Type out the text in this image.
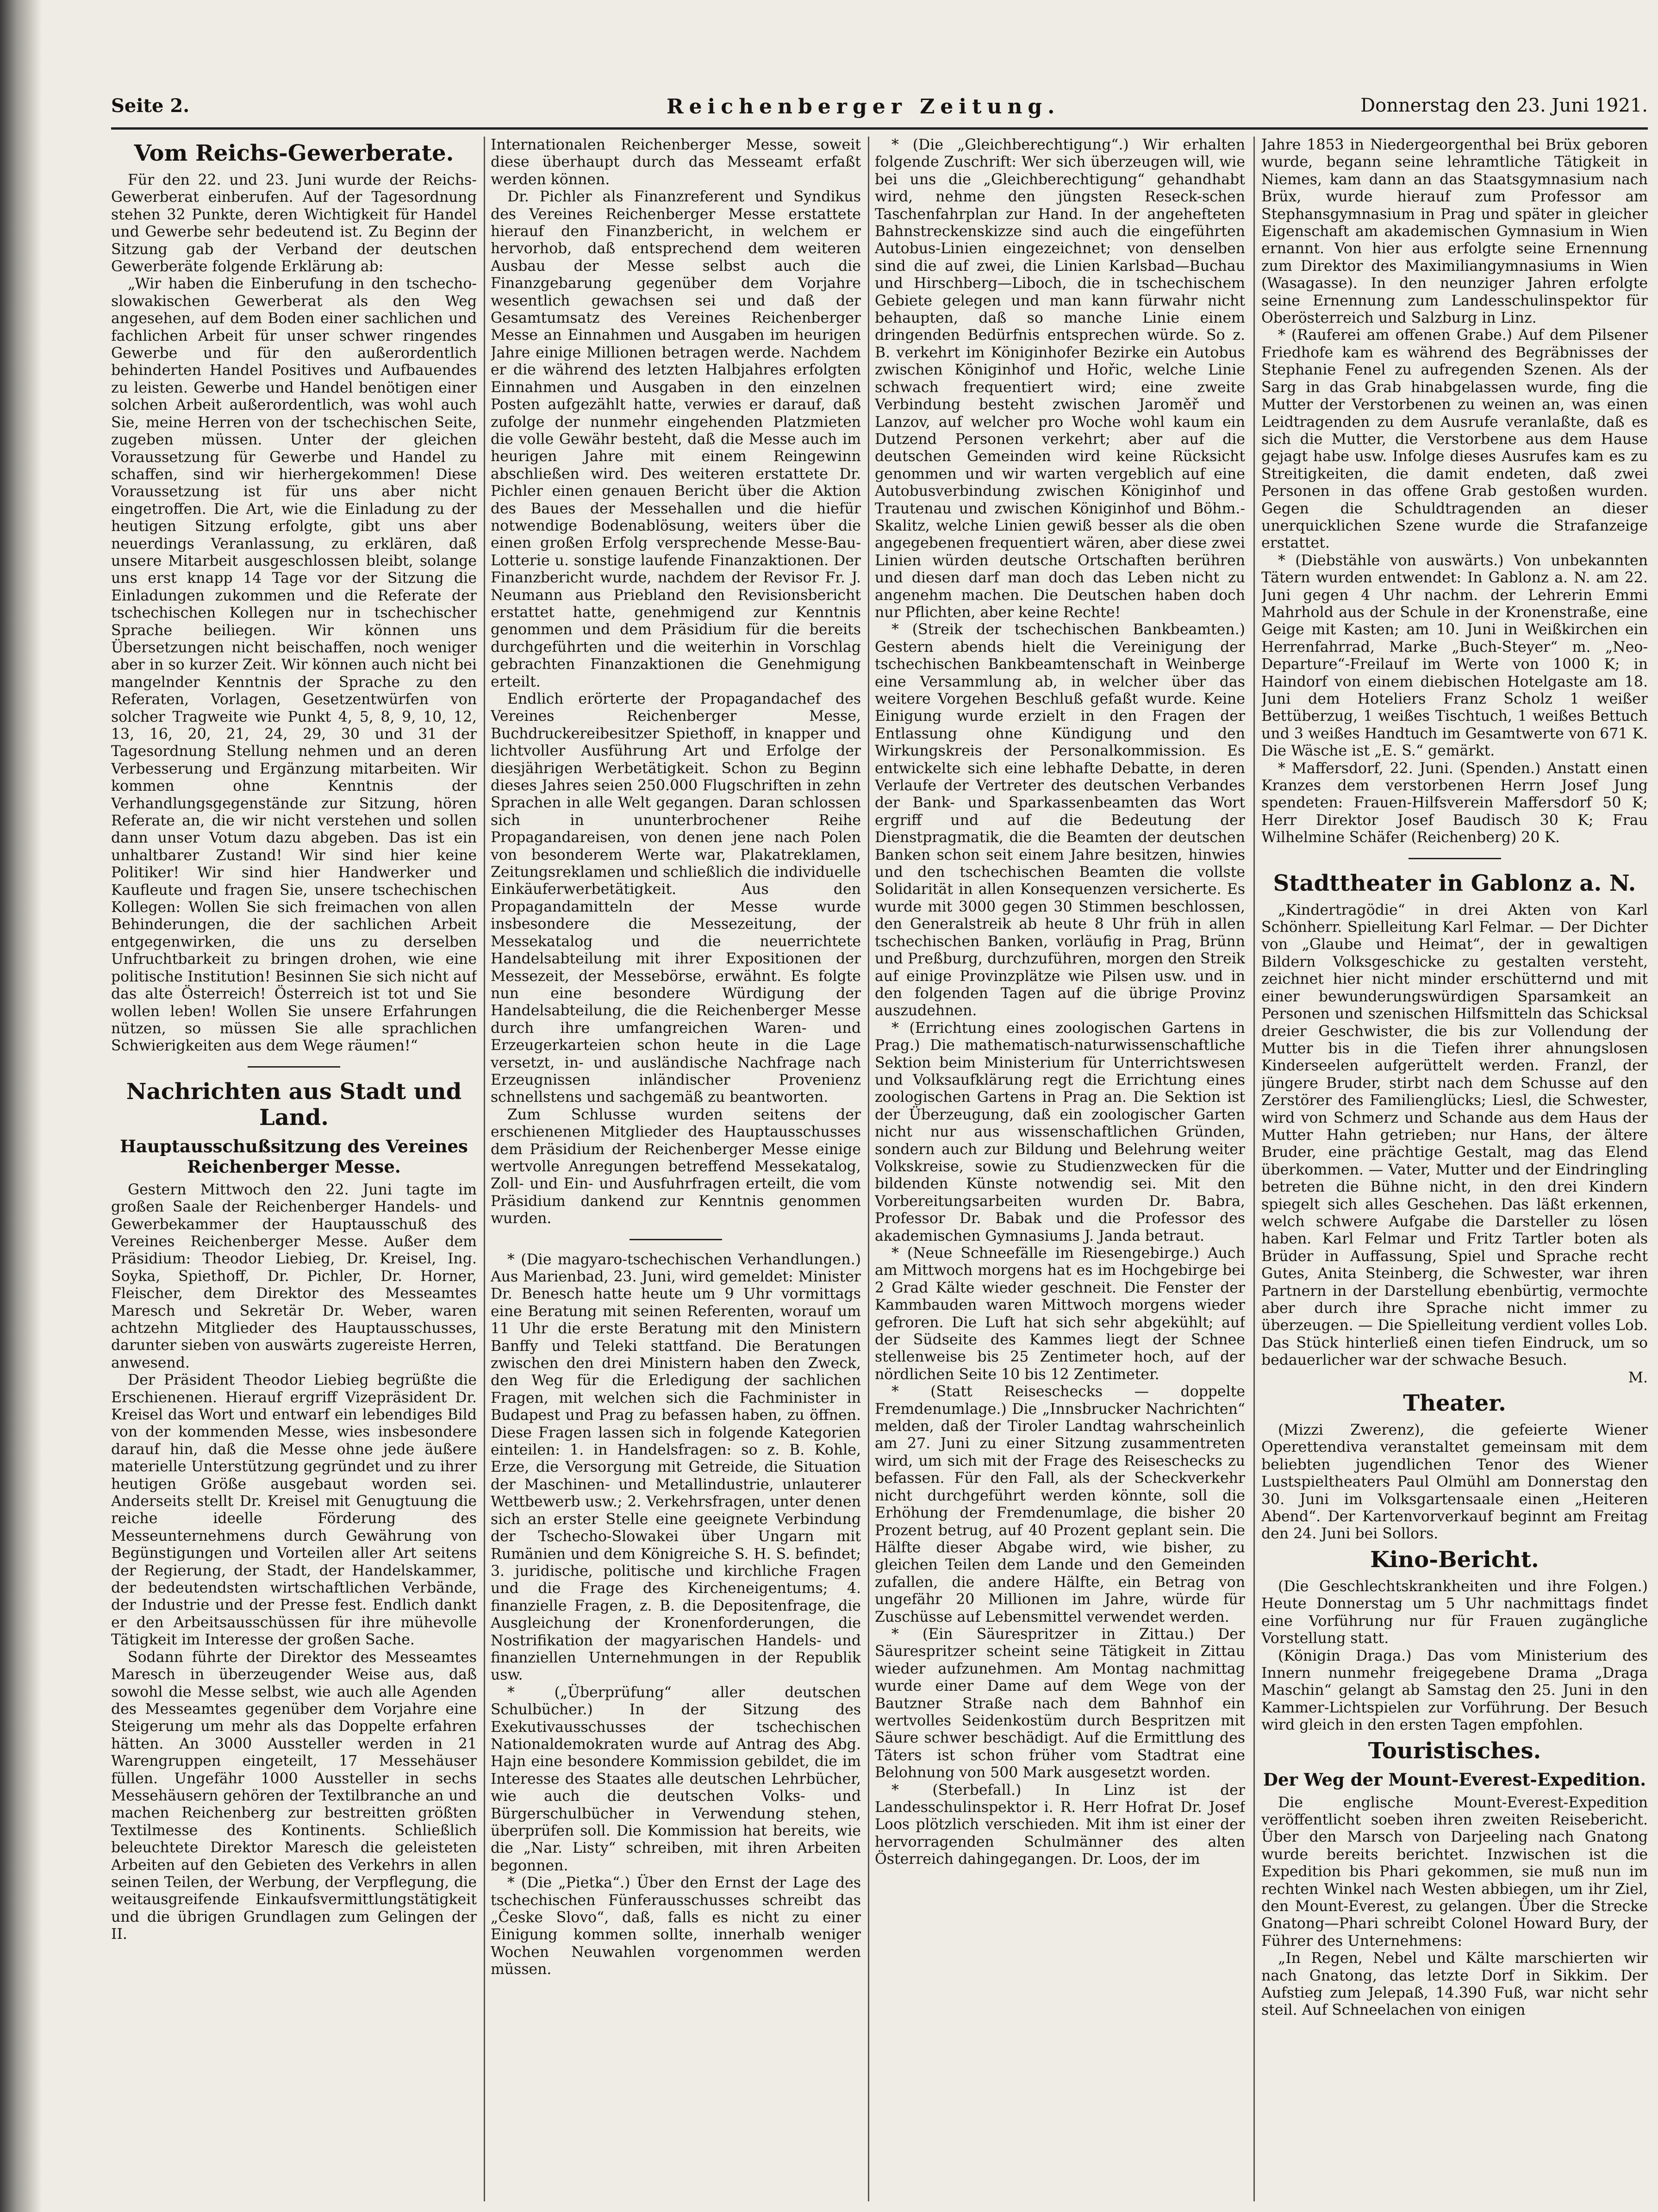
Seite 2.	Reichenberger Zeitung.	Donnerstag den 23. Juni 1921.
Vom Reichs-Gewerberate.

Für den 22. und 23. Juni wurde der Reichs-Gewerberat einberufen. Auf der Tagesordnung stehen 32 Punkte, deren Wichtigkeit für Handel und Gewerbe sehr bedeutend ist. Zu Beginn der Sitzung gab der Verband der deutschen Gewerberäte folgende Erklärung ab:

„Wir haben die Einberufung in den tschecho-slowakischen Gewerberat als den Weg angesehen, auf dem Boden einer sachlichen und fachlichen Arbeit für unser schwer ringendes Gewerbe und für den außerordentlich behinderten Handel Positives und Aufbauendes zu leisten. Gewerbe und Handel benötigen einer solchen Arbeit außerordentlich, was wohl auch Sie, meine Herren von der tschechischen Seite, zugeben müssen. Unter der gleichen Voraussetzung für Gewerbe und Handel zu schaffen, sind wir hierhergekommen! Diese Voraussetzung ist für uns aber nicht eingetroffen. Die Art, wie die Einladung zu der heutigen Sitzung erfolgte, gibt uns aber neuerdings Veranlassung, zu erklären, daß unsere Mitarbeit ausgeschlossen bleibt, solange uns erst knapp 14 Tage vor der Sitzung die Einladungen zukommen und die Referate der tschechischen Kollegen nur in tschechischer Sprache beiliegen. Wir können uns Übersetzungen nicht beischaffen, noch weniger aber in so kurzer Zeit. Wir können auch nicht bei mangelnder Kenntnis der Sprache zu den Referaten, Vorlagen, Gesetzentwürfen von solcher Tragweite wie Punkt 4, 5, 8, 9, 10, 12, 13, 16, 20, 21, 24, 29, 30 und 31 der Tagesordnung Stellung nehmen und an deren Verbesserung und Ergänzung mitarbeiten. Wir kommen ohne Kenntnis der Verhandlungsgegenstände zur Sitzung, hören Referate an, die wir nicht verstehen und sollen dann unser Votum dazu abgeben. Das ist ein unhaltbarer Zustand! Wir sind hier keine Politiker! Wir sind hier Handwerker und Kaufleute und fragen Sie, unsere tschechischen Kollegen: Wollen Sie sich freimachen von allen Behinderungen, die der sachlichen Arbeit entgegenwirken, die uns zu derselben Unfruchtbarkeit zu bringen drohen, wie eine politische Institution! Besinnen Sie sich nicht auf das alte Österreich! Österreich ist tot und Sie wollen leben! Wollen Sie unsere Erfahrungen nützen, so müssen Sie alle sprachlichen Schwierigkeiten aus dem Wege räumen!“

Nachrichten aus Stadt und Land.
Hauptausschußsitzung des Vereines Reichenberger Messe.

Gestern Mittwoch den 22. Juni tagte im großen Saale der Reichenberger Handels- und Gewerbekammer der Hauptausschuß des Vereines Reichenberger Messe. Außer dem Präsidium: Theodor Liebieg, Dr. Kreisel, Ing. Soyka, Spiethoff, Dr. Pichler, Dr. Horner, Fleischer, dem Direktor des Messeamtes Maresch und Sekretär Dr. Weber, waren achtzehn Mitglieder des Hauptausschusses, darunter sieben von auswärts zugereiste Herren, anwesend.

Der Präsident Theodor Liebieg begrüßte die Erschienenen. Hierauf ergriff Vizepräsident Dr. Kreisel das Wort und entwarf ein lebendiges Bild von der kommenden Messe, wies insbesondere darauf hin, daß die Messe ohne jede äußere materielle Unterstützung gegründet und zu ihrer heutigen Größe ausgebaut worden sei. Anderseits stellt Dr. Kreisel mit Genugtuung die reiche ideelle Förderung des Messeunternehmens durch Gewährung von Begünstigungen und Vorteilen aller Art seitens der Regierung, der Stadt, der Handelskammer, der bedeutendsten wirtschaftlichen Verbände, der Industrie und der Presse fest. Endlich dankt er den Arbeitsausschüssen für ihre mühevolle Tätigkeit im Interesse der großen Sache.

Sodann führte der Direktor des Messeamtes Maresch in überzeugender Weise aus, daß sowohl die Messe selbst, wie auch alle Agenden des Messeamtes gegenüber dem Vorjahre eine Steigerung um mehr als das Doppelte erfahren hätten. An 3000 Aussteller werden in 21 Warengruppen eingeteilt, 17 Messehäuser füllen. Ungefähr 1000 Aussteller in sechs Messehäusern gehören der Textilbranche an und machen Reichenberg zur bestreitten größten Textilmesse des Kontinents. Schließlich beleuchtete Direktor Maresch die geleisteten Arbeiten auf den Gebieten des Verkehrs in allen seinen Teilen, der Werbung, der Verpflegung, die weitausgreifende Einkaufsvermittlungstätigkeit und die übrigen Grundlagen zum Gelingen der II.

Internationalen Reichenberger Messe, soweit diese überhaupt durch das Messeamt erfaßt werden können.

Dr. Pichler als Finanzreferent und Syndikus des Vereines Reichenberger Messe erstattete hierauf den Finanzbericht, in welchem er hervorhob, daß entsprechend dem weiteren Ausbau der Messe selbst auch die Finanzgebarung gegenüber dem Vorjahre wesentlich gewachsen sei und daß der Gesamtumsatz des Vereines Reichenberger Messe an Einnahmen und Ausgaben im heurigen Jahre einige Millionen betragen werde. Nachdem er die während des letzten Halbjahres erfolgten Einnahmen und Ausgaben in den einzelnen Posten aufgezählt hatte, verwies er darauf, daß zufolge der nunmehr eingehenden Platzmieten die volle Gewähr besteht, daß die Messe auch im heurigen Jahre mit einem Reingewinn abschließen wird. Des weiteren erstattete Dr. Pichler einen genauen Bericht über die Aktion des Baues der Messehallen und die hiefür notwendige Bodenablösung, weiters über die einen großen Erfolg versprechende Messe-Bau-Lotterie u. sonstige laufende Finanzaktionen. Der Finanzbericht wurde, nachdem der Revisor Fr. J. Neumann aus Priebland den Revisionsbericht erstattet hatte, genehmigend zur Kenntnis genommen und dem Präsidium für die bereits durchgeführten und die weiterhin in Vorschlag gebrachten Finanzaktionen die Genehmigung erteilt.

Endlich erörterte der Propagandachef des Vereines Reichenberger Messe, Buchdruckereibesitzer Spiethoff, in knapper und lichtvoller Ausführung Art und Erfolge der diesjährigen Werbetätigkeit. Schon zu Beginn dieses Jahres seien 250.000 Flugschriften in zehn Sprachen in alle Welt gegangen. Daran schlossen sich in ununterbrochener Reihe Propagandareisen, von denen jene nach Polen von besonderem Werte war, Plakatreklamen, Zeitungsreklamen und schließlich die individuelle Einkäuferwerbetätigkeit. Aus den Propagandamitteln der Messe wurde insbesondere die Messezeitung, der Messekatalog und die neuerrichtete Handelsabteilung mit ihrer Expositionen der Messezeit, der Messebörse, erwähnt. Es folgte nun eine besondere Würdigung der Handelsabteilung, die die Reichenberger Messe durch ihre umfangreichen Waren- und Erzeugerkarteien schon heute in die Lage versetzt, in- und ausländische Nachfrage nach Erzeugnissen inländischer Provenienz schnellstens und sachgemäß zu beantworten.

Zum Schlusse wurden seitens der erschienenen Mitglieder des Hauptausschusses dem Präsidium der Reichenberger Messe einige wertvolle Anregungen betreffend Messekatalog, Zoll- und Ein- und Ausfuhrfragen erteilt, die vom Präsidium dankend zur Kenntnis genommen wurden.

* (Die magyaro-tschechischen Verhandlungen.) Aus Marienbad, 23. Juni, wird gemeldet: Minister Dr. Benesch hatte heute um 9 Uhr vormittags eine Beratung mit seinen Referenten, worauf um 11 Uhr die erste Beratung mit den Ministern Banffy und Teleki stattfand. Die Beratungen zwischen den drei Ministern haben den Zweck, den Weg für die Erledigung der sachlichen Fragen, mit welchen sich die Fachminister in Budapest und Prag zu befassen haben, zu öffnen. Diese Fragen lassen sich in folgende Kategorien einteilen: 1. in Handelsfragen: so z. B. Kohle, Erze, die Versorgung mit Getreide, die Situation der Maschinen- und Metallindustrie, unlauterer Wettbewerb usw.; 2. Verkehrsfragen, unter denen sich an erster Stelle eine geeignete Verbindung der Tschecho-Slowakei über Ungarn mit Rumänien und dem Königreiche S. H. S. befindet; 3. juridische, politische und kirchliche Fragen und die Frage des Kircheneigentums; 4. finanzielle Fragen, z. B. die Depositenfrage, die Ausgleichung der Kronenforderungen, die Nostrifikation der magyarischen Handels- und finanziellen Unternehmungen in der Republik usw.

* („Überprüfung“ aller deutschen Schulbücher.) In der Sitzung des Exekutivausschusses der tschechischen Nationaldemokraten wurde auf Antrag des Abg. Hajn eine besondere Kommission gebildet, die im Interesse des Staates alle deutschen Lehrbücher, wie auch die deutschen Volks- und Bürgerschulbücher in Verwendung stehen, überprüfen soll. Die Kommission hat bereits, wie die „Nar. Listy“ schreiben, mit ihren Arbeiten begonnen.

* (Die „Pietka“.) Über den Ernst der Lage des tschechischen Fünferausschusses schreibt das „Česke Slovo“, daß, falls es nicht zu einer Einigung kommen sollte, innerhalb weniger Wochen Neuwahlen vorgenommen werden müssen.

* (Die „Gleichberechtigung“.) Wir erhalten folgende Zuschrift: Wer sich überzeugen will, wie bei uns die „Gleichberechtigung“ gehandhabt wird, nehme den jüngsten Reseck-schen Taschenfahrplan zur Hand. In der angehefteten Bahnstreckenskizze sind auch die eingeführten Autobus-Linien eingezeichnet; von denselben sind die auf zwei, die Linien Karlsbad—Buchau und Hirschberg—Liboch, die in tschechischem Gebiete gelegen und man kann fürwahr nicht behaupten, daß so manche Linie einem dringenden Bedürfnis entsprechen würde. So z. B. verkehrt im Königinhofer Bezirke ein Autobus zwischen Königinhof und Hořic, welche Linie schwach frequentiert wird; eine zweite Verbindung besteht zwischen Jaroměř und Lanzov, auf welcher pro Woche wohl kaum ein Dutzend Personen verkehrt; aber auf die deutschen Gemeinden wird keine Rücksicht genommen und wir warten vergeblich auf eine Autobusverbindung zwischen Königinhof und Trautenau und zwischen Königinhof und Böhm.-Skalitz, welche Linien gewiß besser als die oben angegebenen frequentiert wären, aber diese zwei Linien würden deutsche Ortschaften berühren und diesen darf man doch das Leben nicht zu angenehm machen. Die Deutschen haben doch nur Pflichten, aber keine Rechte!

* (Streik der tschechischen Bankbeamten.) Gestern abends hielt die Vereinigung der tschechischen Bankbeamtenschaft in Weinberge eine Versammlung ab, in welcher über das weitere Vorgehen Beschluß gefaßt wurde. Keine Einigung wurde erzielt in den Fragen der Entlassung ohne Kündigung und den Wirkungskreis der Personalkommission. Es entwickelte sich eine lebhafte Debatte, in deren Verlaufe der Vertreter des deutschen Verbandes der Bank- und Sparkassenbeamten das Wort ergriff und auf die Bedeutung der Dienstpragmatik, die die Beamten der deutschen Banken schon seit einem Jahre besitzen, hinwies und den tschechischen Beamten die vollste Solidarität in allen Konsequenzen versicherte. Es wurde mit 3000 gegen 30 Stimmen beschlossen, den Generalstreik ab heute 8 Uhr früh in allen tschechischen Banken, vorläufig in Prag, Brünn und Preßburg, durchzuführen, morgen den Streik auf einige Provinzplätze wie Pilsen usw. und in den folgenden Tagen auf die übrige Provinz auszudehnen.

* (Errichtung eines zoologischen Gartens in Prag.) Die mathematisch-naturwissenschaftliche Sektion beim Ministerium für Unterrichtswesen und Volksaufklärung regt die Errichtung eines zoologischen Gartens in Prag an. Die Sektion ist der Überzeugung, daß ein zoologischer Garten nicht nur aus wissenschaftlichen Gründen, sondern auch zur Bildung und Belehrung weiter Volkskreise, sowie zu Studienzwecken für die bildenden Künste notwendig sei. Mit den Vorbereitungsarbeiten wurden Dr. Babra, Professor Dr. Babak und die Professor des akademischen Gymnasiums J. Janda betraut.

* (Neue Schneefälle im Riesengebirge.) Auch am Mittwoch morgens hat es im Hochgebirge bei 2 Grad Kälte wieder geschneit. Die Fenster der Kammbauden waren Mittwoch morgens wieder gefroren. Die Luft hat sich sehr abgekühlt; auf der Südseite des Kammes liegt der Schnee stellenweise bis 25 Zentimeter hoch, auf der nördlichen Seite 10 bis 12 Zentimeter.

* (Statt Reiseschecks — doppelte Fremdenumlage.) Die „Innsbrucker Nachrichten“ melden, daß der Tiroler Landtag wahrscheinlich am 27. Juni zu einer Sitzung zusammentreten wird, um sich mit der Frage des Reiseschecks zu befassen. Für den Fall, als der Scheckverkehr nicht durchgeführt werden könnte, soll die Erhöhung der Fremdenumlage, die bisher 20 Prozent betrug, auf 40 Prozent geplant sein. Die Hälfte dieser Abgabe wird, wie bisher, zu gleichen Teilen dem Lande und den Gemeinden zufallen, die andere Hälfte, ein Betrag von ungefähr 20 Millionen im Jahre, würde für Zuschüsse auf Lebensmittel verwendet werden.

* (Ein Säurespritzer in Zittau.) Der Säurespritzer scheint seine Tätigkeit in Zittau wieder aufzunehmen. Am Montag nachmittag wurde einer Dame auf dem Wege von der Bautzner Straße nach dem Bahnhof ein wertvolles Seidenkostüm durch Bespritzen mit Säure schwer beschädigt. Auf die Ermittlung des Täters ist schon früher vom Stadtrat eine Belohnung von 500 Mark ausgesetzt worden.

* (Sterbefall.) In Linz ist der Landesschulinspektor i. R. Herr Hofrat Dr. Josef Loos plötzlich verschieden. Mit ihm ist einer der hervorragenden Schulmänner des alten Österreich dahingegangen. Dr. Loos, der im

Jahre 1853 in Niedergeorgenthal bei Brüx geboren wurde, begann seine lehramtliche Tätigkeit in Niemes, kam dann an das Staatsgymnasium nach Brüx, wurde hierauf zum Professor am Stephansgymnasium in Prag und später in gleicher Eigenschaft am akademischen Gymnasium in Wien ernannt. Von hier aus erfolgte seine Ernennung zum Direktor des Maximiliangymnasiums in Wien (Wasagasse). In den neunziger Jahren erfolgte seine Ernennung zum Landesschulinspektor für Oberösterreich und Salzburg in Linz.

* (Rauferei am offenen Grabe.) Auf dem Pilsener Friedhofe kam es während des Begräbnisses der Stephanie Fenel zu aufregenden Szenen. Als der Sarg in das Grab hinabgelassen wurde, fing die Mutter der Verstorbenen zu weinen an, was einen Leidtragenden zu dem Ausrufe veranlaßte, daß es sich die Mutter, die Verstorbene aus dem Hause gejagt habe usw. Infolge dieses Ausrufes kam es zu Streitigkeiten, die damit endeten, daß zwei Personen in das offene Grab gestoßen wurden. Gegen die Schuldtragenden an dieser unerquicklichen Szene wurde die Strafanzeige erstattet.

* (Diebstähle von auswärts.) Von unbekannten Tätern wurden entwendet: In Gablonz a. N. am 22. Juni gegen 4 Uhr nachm. der Lehrerin Emmi Mahrhold aus der Schule in der Kronenstraße, eine Geige mit Kasten; am 10. Juni in Weißkirchen ein Herrenfahrrad, Marke „Buch-Steyer“ m. „Neo-Departure“-Freilauf im Werte von 1000 K; in Haindorf von einem diebischen Hotelgaste am 18. Juni dem Hoteliers Franz Scholz 1 weißer Bettüberzug, 1 weißes Tischtuch, 1 weißes Bettuch und 3 weißes Handtuch im Gesamtwerte von 671 K. Die Wäsche ist „E. S.“ gemärkt.

* Maffersdorf, 22. Juni. (Spenden.) Anstatt einen Kranzes dem verstorbenen Herrn Josef Jung spendeten: Frauen-Hilfsverein Maffersdorf 50 K; Herr Direktor Josef Baudisch 30 K; Frau Wilhelmine Schäfer (Reichenberg) 20 K.

Stadttheater in Gablonz a. N.

„Kindertragödie“ in drei Akten von Karl Schönherr. Spielleitung Karl Felmar. — Der Dichter von „Glaube und Heimat“, der in gewaltigen Bildern Volksgeschicke zu gestalten versteht, zeichnet hier nicht minder erschütternd und mit einer bewunderungswürdigen Sparsamkeit an Personen und szenischen Hilfsmitteln das Schicksal dreier Geschwister, die bis zur Vollendung der Mutter bis in die Tiefen ihrer ahnungslosen Kinderseelen aufgerüttelt werden. Franzl, der jüngere Bruder, stirbt nach dem Schusse auf den Zerstörer des Familienglücks; Liesl, die Schwester, wird von Schmerz und Schande aus dem Haus der Mutter Hahn getrieben; nur Hans, der ältere Bruder, eine prächtige Gestalt, mag das Elend überkommen. — Vater, Mutter und der Eindringling betreten die Bühne nicht, in den drei Kindern spiegelt sich alles Geschehen. Das läßt erkennen, welch schwere Aufgabe die Darsteller zu lösen haben. Karl Felmar und Fritz Tartler boten als Brüder in Auffassung, Spiel und Sprache recht Gutes, Anita Steinberg, die Schwester, war ihren Partnern in der Darstellung ebenbürtig, vermochte aber durch ihre Sprache nicht immer zu überzeugen. — Die Spielleitung verdient volles Lob. Das Stück hinterließ einen tiefen Eindruck, um so bedauerlicher war der schwache Besuch.

M.

Theater.

(Mizzi Zwerenz), die gefeierte Wiener Operettendiva veranstaltet gemeinsam mit dem beliebten jugendlichen Tenor des Wiener Lustspieltheaters Paul Olmühl am Donnerstag den 30. Juni im Volksgartensaale einen „Heiteren Abend“. Der Kartenvorverkauf beginnt am Freitag den 24. Juni bei Sollors.

Kino-Bericht.

(Die Geschlechtskrankheiten und ihre Folgen.) Heute Donnerstag um 5 Uhr nachmittags findet eine Vorführung nur für Frauen zugängliche Vorstellung statt.

(Königin Draga.) Das vom Ministerium des Innern nunmehr freigegebene Drama „Draga Maschin“ gelangt ab Samstag den 25. Juni in den Kammer-Lichtspielen zur Vorführung. Der Besuch wird gleich in den ersten Tagen empfohlen.

Touristisches.
Der Weg der Mount-Everest-Expedition.

Die englische Mount-Everest-Expedition veröffentlicht soeben ihren zweiten Reisebericht. Über den Marsch von Darjeeling nach Gnatong wurde bereits berichtet. Inzwischen ist die Expedition bis Phari gekommen, sie muß nun im rechten Winkel nach Westen abbiegen, um ihr Ziel, den Mount-Everest, zu gelangen. Über die Strecke Gnatong—Phari schreibt Colonel Howard Bury, der Führer des Unternehmens:

„In Regen, Nebel und Kälte marschierten wir nach Gnatong, das letzte Dorf in Sikkim. Der Aufstieg zum Jelepaß, 14.390 Fuß, war nicht sehr steil. Auf Schneelachen von einigen
